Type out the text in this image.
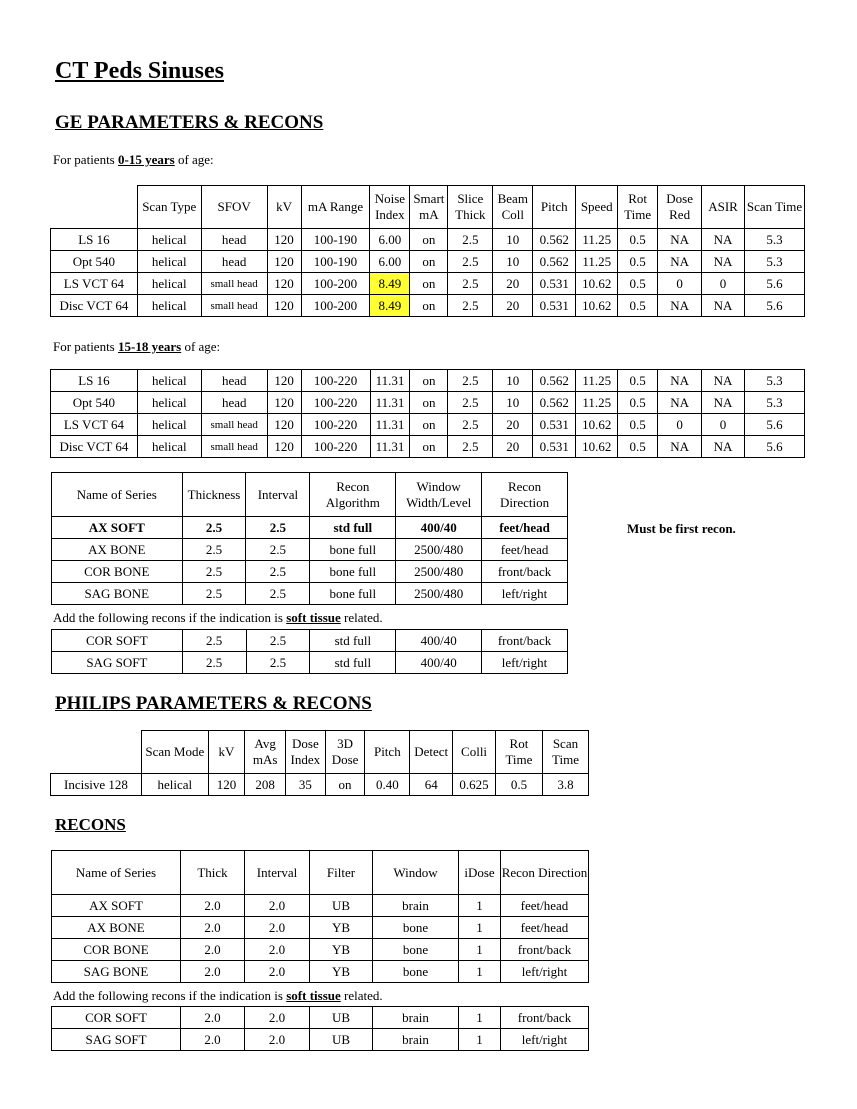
CT Peds Sinuses
GE PARAMETERS & RECONS

For patients 0-15 years of age:

	Scan Type	SFOV	kV	mA Range	Noise Index	Smart mA	Slice Thick	Beam Coll	Pitch	Speed	Rot Time	Dose Red	ASIR	Scan Time
LS 16	helical	head	120	100-190	6.00	on	2.5	10	0.562	11.25	0.5	NA	NA	5.3
Opt 540	helical	head	120	100-190	6.00	on	2.5	10	0.562	11.25	0.5	NA	NA	5.3
LS VCT 64	helical	small head	120	100-200	8.49	on	2.5	20	0.531	10.62	0.5	0	0	5.6
Disc VCT 64	helical	small head	120	100-200	8.49	on	2.5	20	0.531	10.62	0.5	NA	NA	5.6

For patients 15-18 years of age:

LS 16	helical	head	120	100-220	11.31	on	2.5	10	0.562	11.25	0.5	NA	NA	5.3
Opt 540	helical	head	120	100-220	11.31	on	2.5	10	0.562	11.25	0.5	NA	NA	5.3
LS VCT 64	helical	small head	120	100-220	11.31	on	2.5	20	0.531	10.62	0.5	0	0	5.6
Disc VCT 64	helical	small head	120	100-220	11.31	on	2.5	20	0.531	10.62	0.5	NA	NA	5.6
Name of Series	Thickness	Interval	Recon Algorithm	Window Width/Level	Recon Direction
AX SOFT	2.5	2.5	std full	400/40	feet/head
AX BONE	2.5	2.5	bone full	2500/480	feet/head
COR BONE	2.5	2.5	bone full	2500/480	front/back
SAG BONE	2.5	2.5	bone full	2500/480	left/right
Must be first recon.

Add the following recons if the indication is soft tissue related.

COR SOFT	2.5	2.5	std full	400/40	front/back
SAG SOFT	2.5	2.5	std full	400/40	left/right
PHILIPS PARAMETERS & RECONS
	Scan Mode	kV	Avg mAs	Dose Index	3D Dose	Pitch	Detect	Colli	Rot Time	Scan Time
Incisive 128	helical	120	208	35	on	0.40	64	0.625	0.5	3.8
RECONS
Name of Series	Thick	Interval	Filter	Window	iDose	Recon Direction
AX SOFT	2.0	2.0	UB	brain	1	feet/head
AX BONE	2.0	2.0	YB	bone	1	feet/head
COR BONE	2.0	2.0	YB	bone	1	front/back
SAG BONE	2.0	2.0	YB	bone	1	left/right

Add the following recons if the indication is soft tissue related.

COR SOFT	2.0	2.0	UB	brain	1	front/back
SAG SOFT	2.0	2.0	UB	brain	1	left/right
